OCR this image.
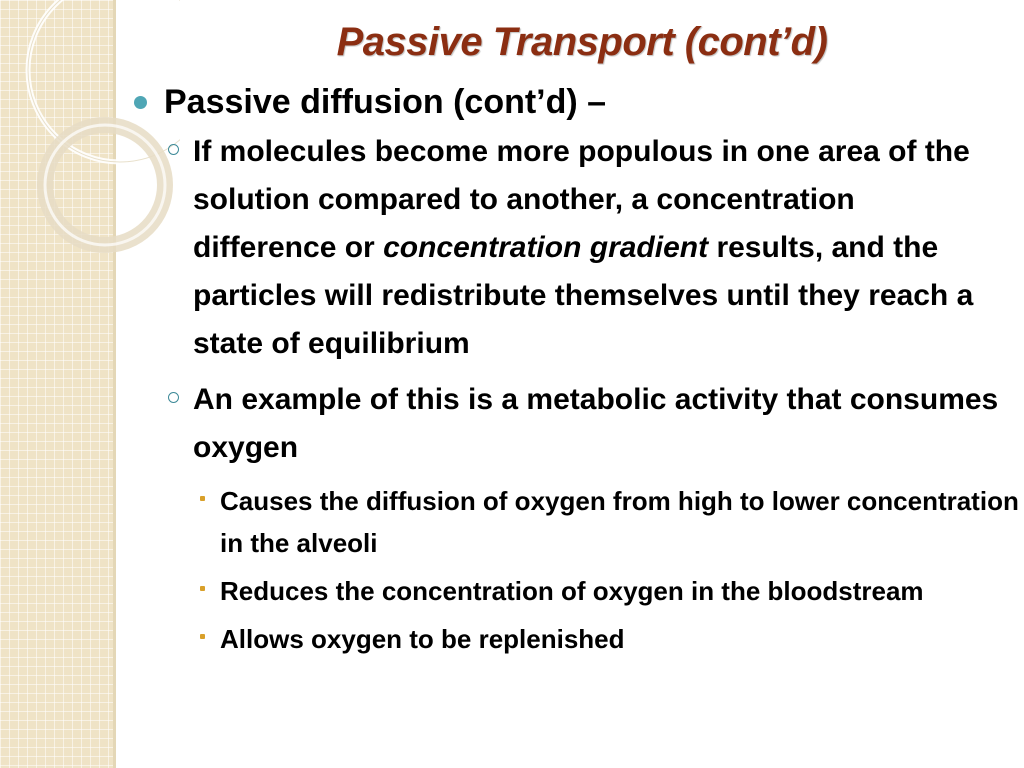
Passive Transport (cont’d)
Passive diffusion (cont’d) –
If molecules become more populous in one area of the solution compared to another, a concentration difference or concentration gradient results, and the particles will redistribute themselves until they reach a state of equilibrium
An example of this is a metabolic activity that consumes oxygen
Causes the diffusion of oxygen from high to lower concentration in the alveoli
Reduces the concentration of oxygen in the bloodstream
Allows oxygen to be replenished
